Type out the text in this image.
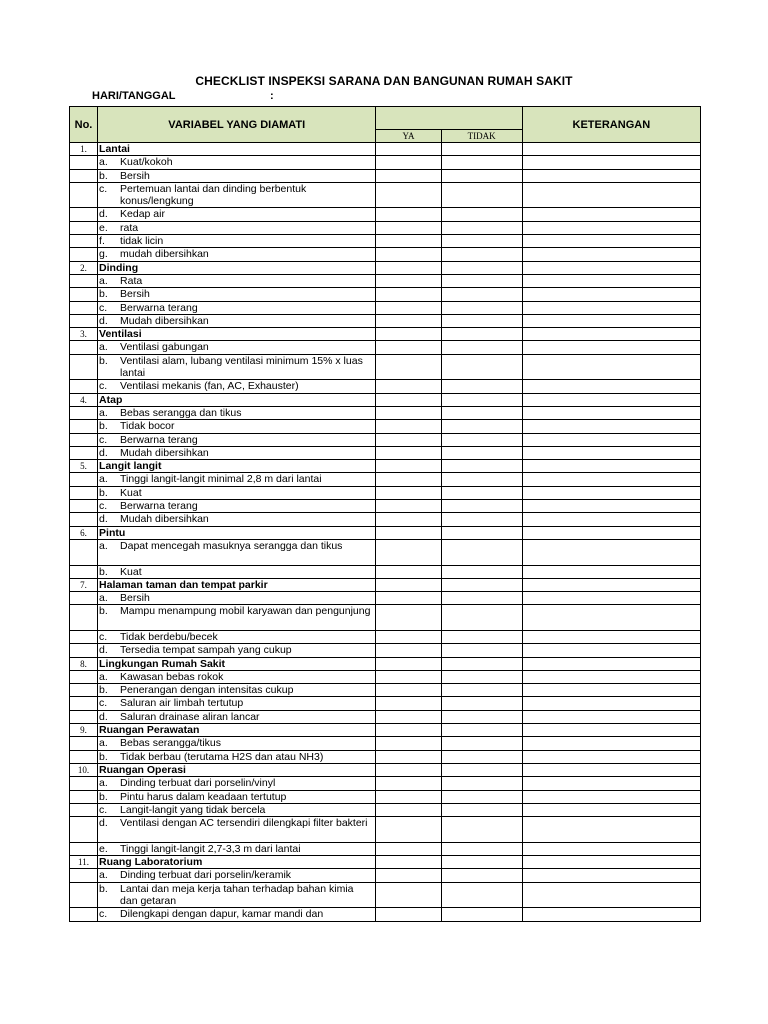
CHECKLIST INSPEKSI SARANA DAN BANGUNAN RUMAH SAKIT
HARI/TANGGAL	:
No.	VARIABEL YANG DIAMATI			KETERANGAN
		YA	TIDAK	
1.	Lantai			

	a. Kuat/kokoh			

	b. Bersih			

	c. Pertemuan lantai dan dinding berbentuk konus/lengkung			

	d. Kedap air			

	e. rata			

	f. tidak licin			

	g. mudah dibersihkan			

2.	Dinding			

	a. Rata			

	b. Bersih			

	c. Berwarna terang			

	d. Mudah dibersihkan			

3.	Ventilasi			

	a. Ventilasi gabungan			

	b. Ventilasi alam, lubang ventilasi minimum 15% x luas lantai			

	c. Ventilasi mekanis (fan, AC, Exhauster)			

4.	Atap			

	a. Bebas serangga dan tikus			

	b. Tidak bocor			

	c. Berwarna terang			

	d. Mudah dibersihkan			

5.	Langit langit			

	a. Tinggi langit-langit minimal 2,8 m dari lantai			

	b. Kuat			

	c. Berwarna terang			

	d. Mudah dibersihkan			

6.	Pintu			

	a. Dapat mencegah masuknya serangga dan tikus			

	b. Kuat			

7.	Halaman taman dan tempat parkir			

	a. Bersih			

	b. Mampu menampung mobil karyawan dan pengunjung			

	c. Tidak berdebu/becek			

	d. Tersedia tempat sampah yang cukup			

8.	Lingkungan Rumah Sakit			

	a. Kawasan bebas rokok			

	b. Penerangan dengan intensitas cukup			

	c. Saluran air limbah tertutup			

	d. Saluran drainase aliran lancar			

9.	Ruangan Perawatan			

	a. Bebas serangga/tikus			

	b. Tidak berbau (terutama H2S dan atau NH3)			

10.	Ruangan Operasi			

	a. Dinding terbuat dari porselin/vinyl			

	b. Pintu harus dalam keadaan tertutup			

	c. Langit-langit yang tidak bercela			

	d. Ventilasi dengan AC tersendiri dilengkapi filter bakteri			

	e. Tinggi langit-langit 2,7-3,3 m dari lantai			

11.	Ruang Laboratorium			

	a. Dinding terbuat dari porselin/keramik			

	b. Lantai dan meja kerja tahan terhadap bahan kimia dan getaran			

	c. Dilengkapi dengan dapur, kamar mandi dan			
